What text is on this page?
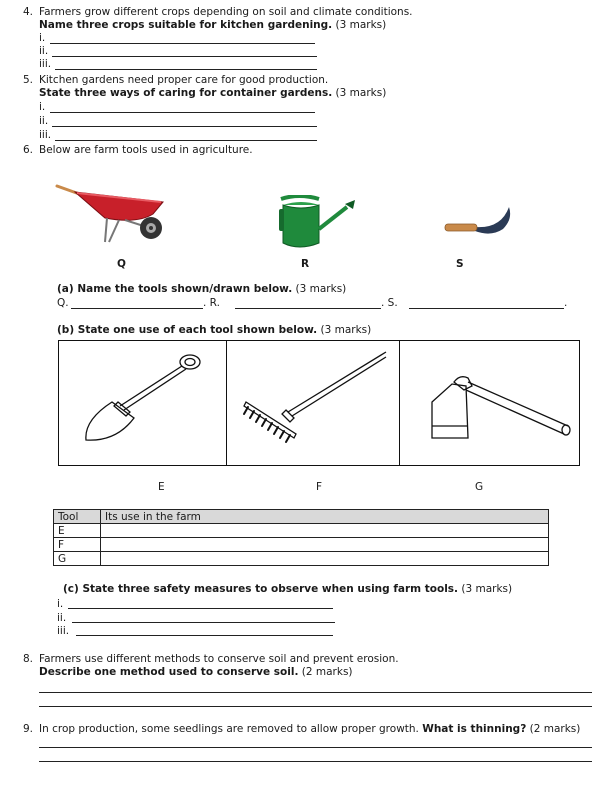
4. Farmers grow different crops depending on soil and climate conditions.
Name three crops suitable for kitchen gardening. (3 marks)
i.
ii.
iii.
5. Kitchen gardens need proper care for good production.
State three ways of caring for container gardens. (3 marks)
i.
ii.
iii.
6. Below are farm tools used in agriculture.
Q	R	S
(a) Name the tools shown/drawn below. (3 marks)
Q.	. R.	. S.	.
(b) State one use of each tool shown below. (3 marks)
E	F	G
Tool	Its use in the farm
E	
F	
G	
(c) State three safety measures to observe when using farm tools. (3 marks)
i.
ii.
iii.
8. Farmers use different methods to conserve soil and prevent erosion.
Describe one method used to conserve soil. (2 marks)
9. In crop production, some seedlings are removed to allow proper growth. What is thinning? (2 marks)
